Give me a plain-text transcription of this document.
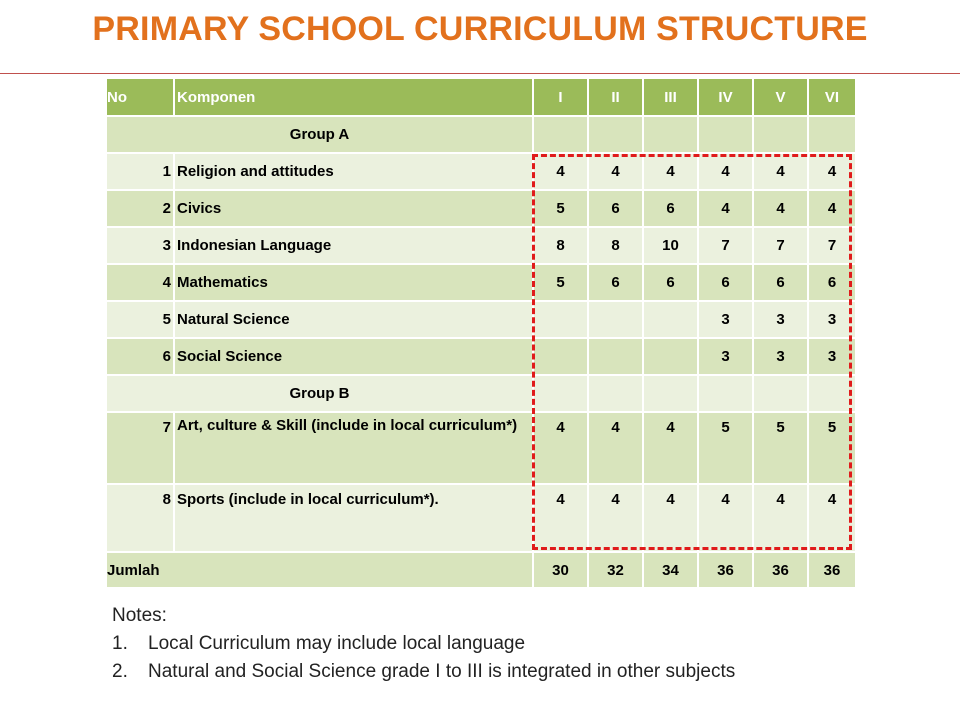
PRIMARY SCHOOL CURRICULUM STRUCTURE
No	Komponen	I	II	III	IV	V	VI
Group A							
1	Religion and attitudes	4	4	4	4	4	4
2	Civics	5	6	6	4	4	4
3	Indonesian Language	8	8	10	7	7	7
4	Mathematics	5	6	6	6	6	6
5	Natural Science				3	3	3
6	Social Science				3	3	3
Group B							
7	Art, culture & Skill (include in local curriculum*)	4	4	4	5	5	5
8	Sports (include in local curriculum*).	4	4	4	4	4	4
Jumlah		30	32	34	36	36	36
Notes:
1.	Local Curriculum may include local language
2.	Natural and Social Science grade I to III is integrated in other subjects
